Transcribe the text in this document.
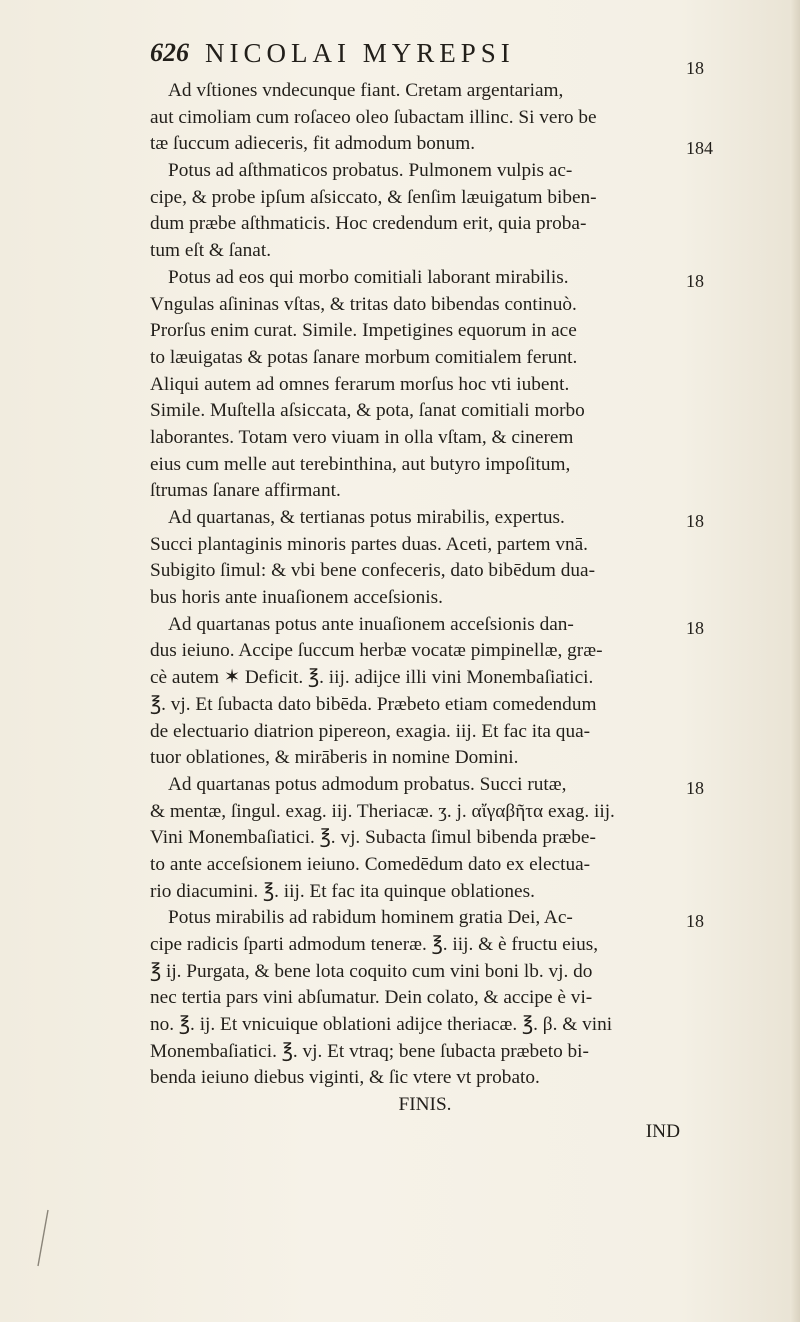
626 NICOLAI MYREPSI
Ad vſtiones vndecunque fiant. Cretam argentariam,
aut cimoliam cum roſaceo oleo ſubactam illinc. Si vero be
tæ ſuccum adieceris, fit admodum bonum.
Potus ad aſthmaticos probatus. Pulmonem vulpis ac-
cipe, & probe ipſum aſsiccato, & ſenſim læuigatum biben-
dum præbe aſthmaticis. Hoc credendum erit, quia proba-
tum eſt & ſanat.
Potus ad eos qui morbo comitiali laborant mirabilis.
Vngulas aſininas vſtas, & tritas dato bibendas continuò.
Prorſus enim curat. Simile. Impetigines equorum in ace
to læuigatas & potas ſanare morbum comitialem ferunt.
Aliqui autem ad omnes ferarum morſus hoc vti iubent.
Simile. Muſtella aſsiccata, & pota, ſanat comitiali morbo
laborantes. Totam vero viuam in olla vſtam, & cinerem
eius cum melle aut terebinthina, aut butyro impoſitum,
ſtrumas ſanare affirmant.
Ad quartanas, & tertianas potus mirabilis, expertus.
Succi plantaginis minoris partes duas. Aceti, partem vnā.
Subigito ſimul: & vbi bene confeceris, dato bibēdum dua-
bus horis ante inuaſionem acceſsionis.
Ad quartanas potus ante inuaſionem acceſsionis dan-
dus ieiuno. Accipe ſuccum herbæ vocatæ pimpinellæ, græ-
cè autem ✶ Deficit. ℥. iij. adijce illi vini Monembaſiatici.
℥. vj. Et ſubacta dato bibēda. Præbeto etiam comedendum
de electuario diatrion pipereon, exagia. iij. Et fac ita qua-
tuor oblationes, & mirāberis in nomine Domini.
Ad quartanas potus admodum probatus. Succi rutæ,
& mentæ, ſingul. exag. iij. Theriacæ. ʒ. j. αἴγαβῆτα exag. iij.
Vini Monembaſiatici. ℥. vj. Subacta ſimul bibenda præbe-
to ante acceſsionem ieiuno. Comedēdum dato ex electua-
rio diacumini. ℥. iij. Et fac ita quinque oblationes.
Potus mirabilis ad rabidum hominem gratia Dei, Ac-
cipe radicis ſparti admodum teneræ. ℥. iij. & è fructu eius,
℥ ij. Purgata, & bene lota coquito cum vini boni lb. vj. do
nec tertia pars vini abſumatur. Dein colato, & accipe è vi-
no. ℥. ij. Et vnicuique oblationi adijce theriacæ. ℥. β. & vini
Monembaſiatici. ℥. vj. Et vtraq; bene ſubacta præbeto bi-
benda ieiuno diebus viginti, & ſic vtere vt probato.
FINIS.
IND
18
184
18
18
18
18
18
